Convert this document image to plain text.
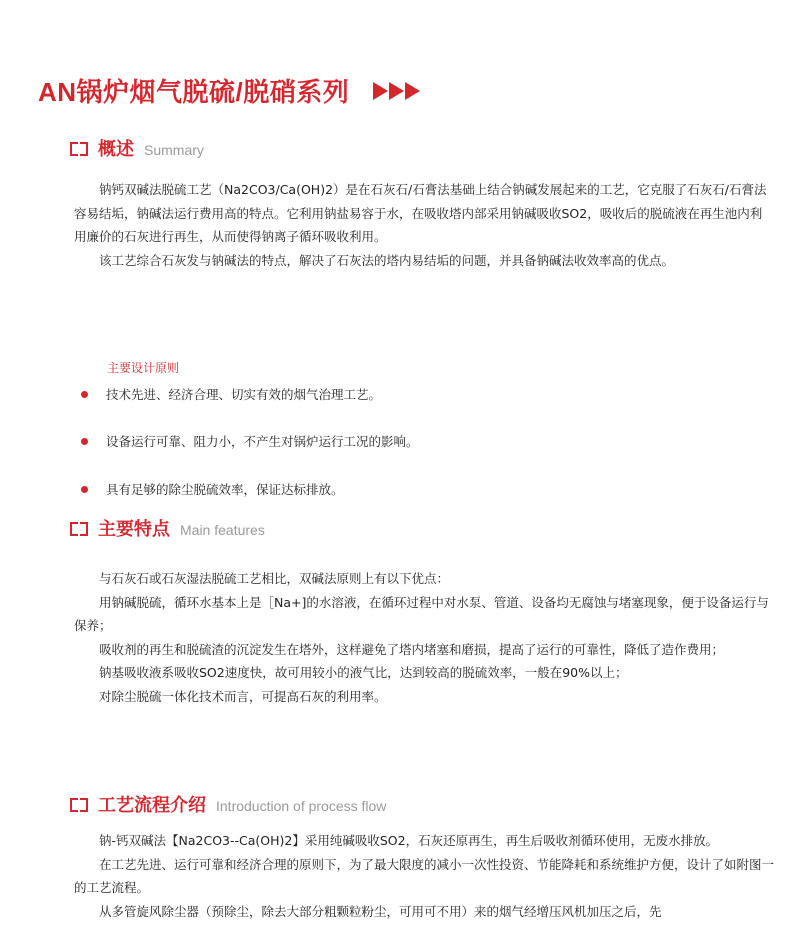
AN锅炉烟气脱硫/脱硝系列
概述 Summary

钠钙双碱法脱硫工艺（Na2CO3/Ca(OH)2）是在石灰石/石膏法基础上结合钠碱发展起来的工艺，它克服了石灰石/石膏法容易结垢，钠碱法运行费用高的特点。它利用钠盐易容于水，在吸收塔内部采用钠碱吸收SO2，吸收后的脱硫液在再生池内利用廉价的石灰进行再生，从而使得钠离子循环吸收利用。

该工艺综合石灰发与钠碱法的特点，解决了石灰法的塔内易结垢的问题，并具备钠碱法收效率高的优点。

主要设计原则
技术先进、经济合理、切实有效的烟气治理工艺。
设备运行可靠、阻力小，不产生对锅炉运行工况的影响。
具有足够的除尘脱硫效率，保证达标排放。
主要特点 Main features

与石灰石或石灰湿法脱硫工艺相比，双碱法原则上有以下优点：

用钠碱脱硫，循环水基本上是［Na+]的水溶液，在循环过程中对水泵、管道、设备均无腐蚀与堵塞现象，便于设备运行与保养；

吸收剂的再生和脱硫渣的沉淀发生在塔外，这样避免了塔内堵塞和磨损，提高了运行的可靠性，降低了造作费用；

钠基吸收液系吸收SO2速度快，故可用较小的液气比，达到较高的脱硫效率，一般在90%以上；

对除尘脱硫一体化技术而言，可提高石灰的利用率。

工艺流程介绍 Introduction of process flow

钠-钙双碱法【Na2CO3--Ca(OH)2】采用纯碱吸收SO2，石灰还原再生，再生后吸收剂循环使用，无废水排放。

在工艺先进、运行可靠和经济合理的原则下，为了最大限度的减小一次性投资、节能降耗和系统维护方便，设计了如附图一的工艺流程。

从多管旋风除尘器（预除尘，除去大部分粗颗粒粉尘，可用可不用）来的烟气经增压风机加压之后，先
